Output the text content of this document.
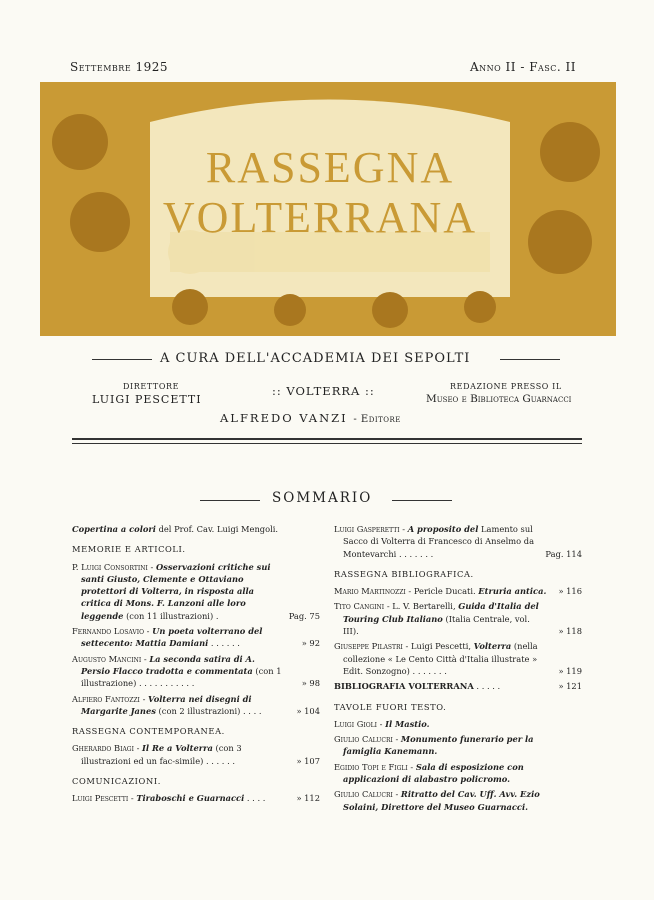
Settembre 1925	Anno II - Fasc. II
RASSEGNA
VOLTERRANA
A CURA DELL'ACCADEMIA DEI SEPOLTI
DIRETTORE
LUIGI PESCETTI
:: VOLTERRA ::	REDAZIONE PRESSO IL
Museo e Biblioteca Guarnacci
ALFREDO VANZI - Editore
SOMMARIO
Copertina a colori del Prof. Cav. Luigi Mengoli.
MEMORIE E ARTICOLI.
P. Luigi Consortini - Osservazioni critiche sui santi Giusto, Clemente e Ottaviano protettori di Volterra, in risposta alla critica di Mons. F. Lanzoni alle loro leggende (con 11 illustrazioni) .	Pag. 75
Fernando Losavio - Un poeta volterrano del settecento: Mattia Damiani . . . . . .	» 92
Augusto Mancini - La seconda satira di A. Persio Flacco tradotta e commentata (con 1 illustrazione) . . . . . . . . . . .	» 98
Alfiero Fantozzi - Volterra nei disegni di Margarite Janes (con 2 illustrazioni) . . . .	» 104
RASSEGNA CONTEMPORANEA.
Gherardo Biagi - Il Re a Volterra (con 3 illustrazioni ed un fac-simile) . . . . . .	» 107
COMUNICAZIONI.
Luigi Pescetti - Tiraboschi e Guarnacci . . . .	» 112
Luigi Gasperetti - A proposito del Lamento sul Sacco di Volterra di Francesco di Anselmo da Montevarchi . . . . . . .	Pag. 114
RASSEGNA BIBLIOGRAFICA.
Mario Martinozzi - Pericle Ducati. Etruria antica. » 116
Tito Cangini - L. V. Bertarelli, Guida d'Italia del Touring Club Italiano (Italia Centrale, vol. III).	» 118
Giuseppe Pilastri - Luigi Pescetti, Volterra (nella collezione « Le Cento Città d'Italia illustrate » Edit. Sonzogno) . . . . . . .	» 119
BIBLIOGRAFIA VOLTERRANA . . . . .	» 121
TAVOLE FUORI TESTO.
Luigi Gioli - Il Mastio.
Giulio Calucri - Monumento funerario per la famiglia Kanemann.
Egidio Topi e Figli - Sala di esposizione con applicazioni di alabastro policromo.
Giulio Calucri - Ritratto del Cav. Uff. Avv. Ezio Solaini, Direttore del Museo Guarnacci.
